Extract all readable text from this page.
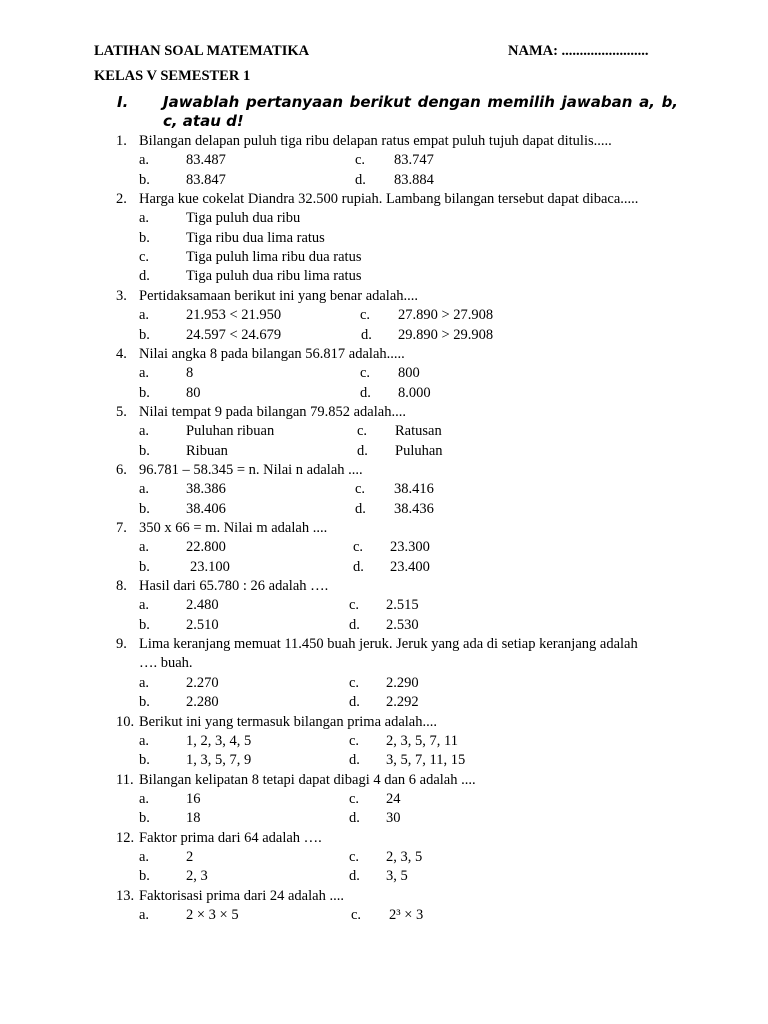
LATIHAN SOAL MATEMATIKA	NAMA: ........................
KELAS V SEMESTER 1
I. Jawablah pertanyaan berikut dengan memilih jawaban a, b, c, atau d!
1. Bilangan delapan puluh tiga ribu delapan ratus empat puluh tujuh dapat ditulis.....
a.	83.487	c. 83.747
b. 83.847	d. 83.884
2. Harga kue cokelat Diandra 32.500 rupiah. Lambang bilangan tersebut dapat dibaca.....
a.	Tiga puluh dua ribu
b. Tiga ribu dua lima ratus
c.	Tiga puluh lima ribu dua ratus
d. Tiga puluh dua ribu lima ratus
3. Pertidaksamaan berikut ini yang benar adalah....
a.	21.953 < 21.950	c. 27.890 > 27.908
b. 24.597 < 24.679	d. 29.890 > 29.908
4. Nilai angka 8 pada bilangan 56.817 adalah.....
a.	8	c. 800
b. 80	d. 8.000
5. Nilai tempat 9 pada bilangan 79.852 adalah....
a.	Puluhan ribuan	c. Ratusan
b. Ribuan	d. Puluhan
6. 96.781 – 58.345 = n. Nilai n adalah ....
a.	38.386	c. 38.416
b. 38.406	d. 38.436
7. 350 x 66 = m. Nilai m adalah ....
a.	22.800	c. 23.300
b.	23.100	d. 23.400
8. Hasil dari 65.780 : 26 adalah ….
a.	2.480	c. 2.515
b. 2.510	d. 2.530
9. Lima keranjang memuat 11.450 buah jeruk. Jeruk yang ada di setiap keranjang adalah
…. buah.
a.	2.270	c. 2.290
b. 2.280	d. 2.292
10. Berikut ini yang termasuk bilangan prima adalah....
a.	1, 2, 3, 4, 5	c. 2, 3, 5, 7, 11
b. 1, 3, 5, 7, 9	d. 3, 5, 7, 11, 15
11. Bilangan kelipatan 8 tetapi dapat dibagi 4 dan 6 adalah ....
a.	16	c. 24
b. 18	d. 30
12. Faktor prima dari 64 adalah ….
a.	2	c. 2, 3, 5
b. 2, 3	d. 3, 5
13. Faktorisasi prima dari 24 adalah ....
a.	2 × 3 × 5	c. 2³ × 3
